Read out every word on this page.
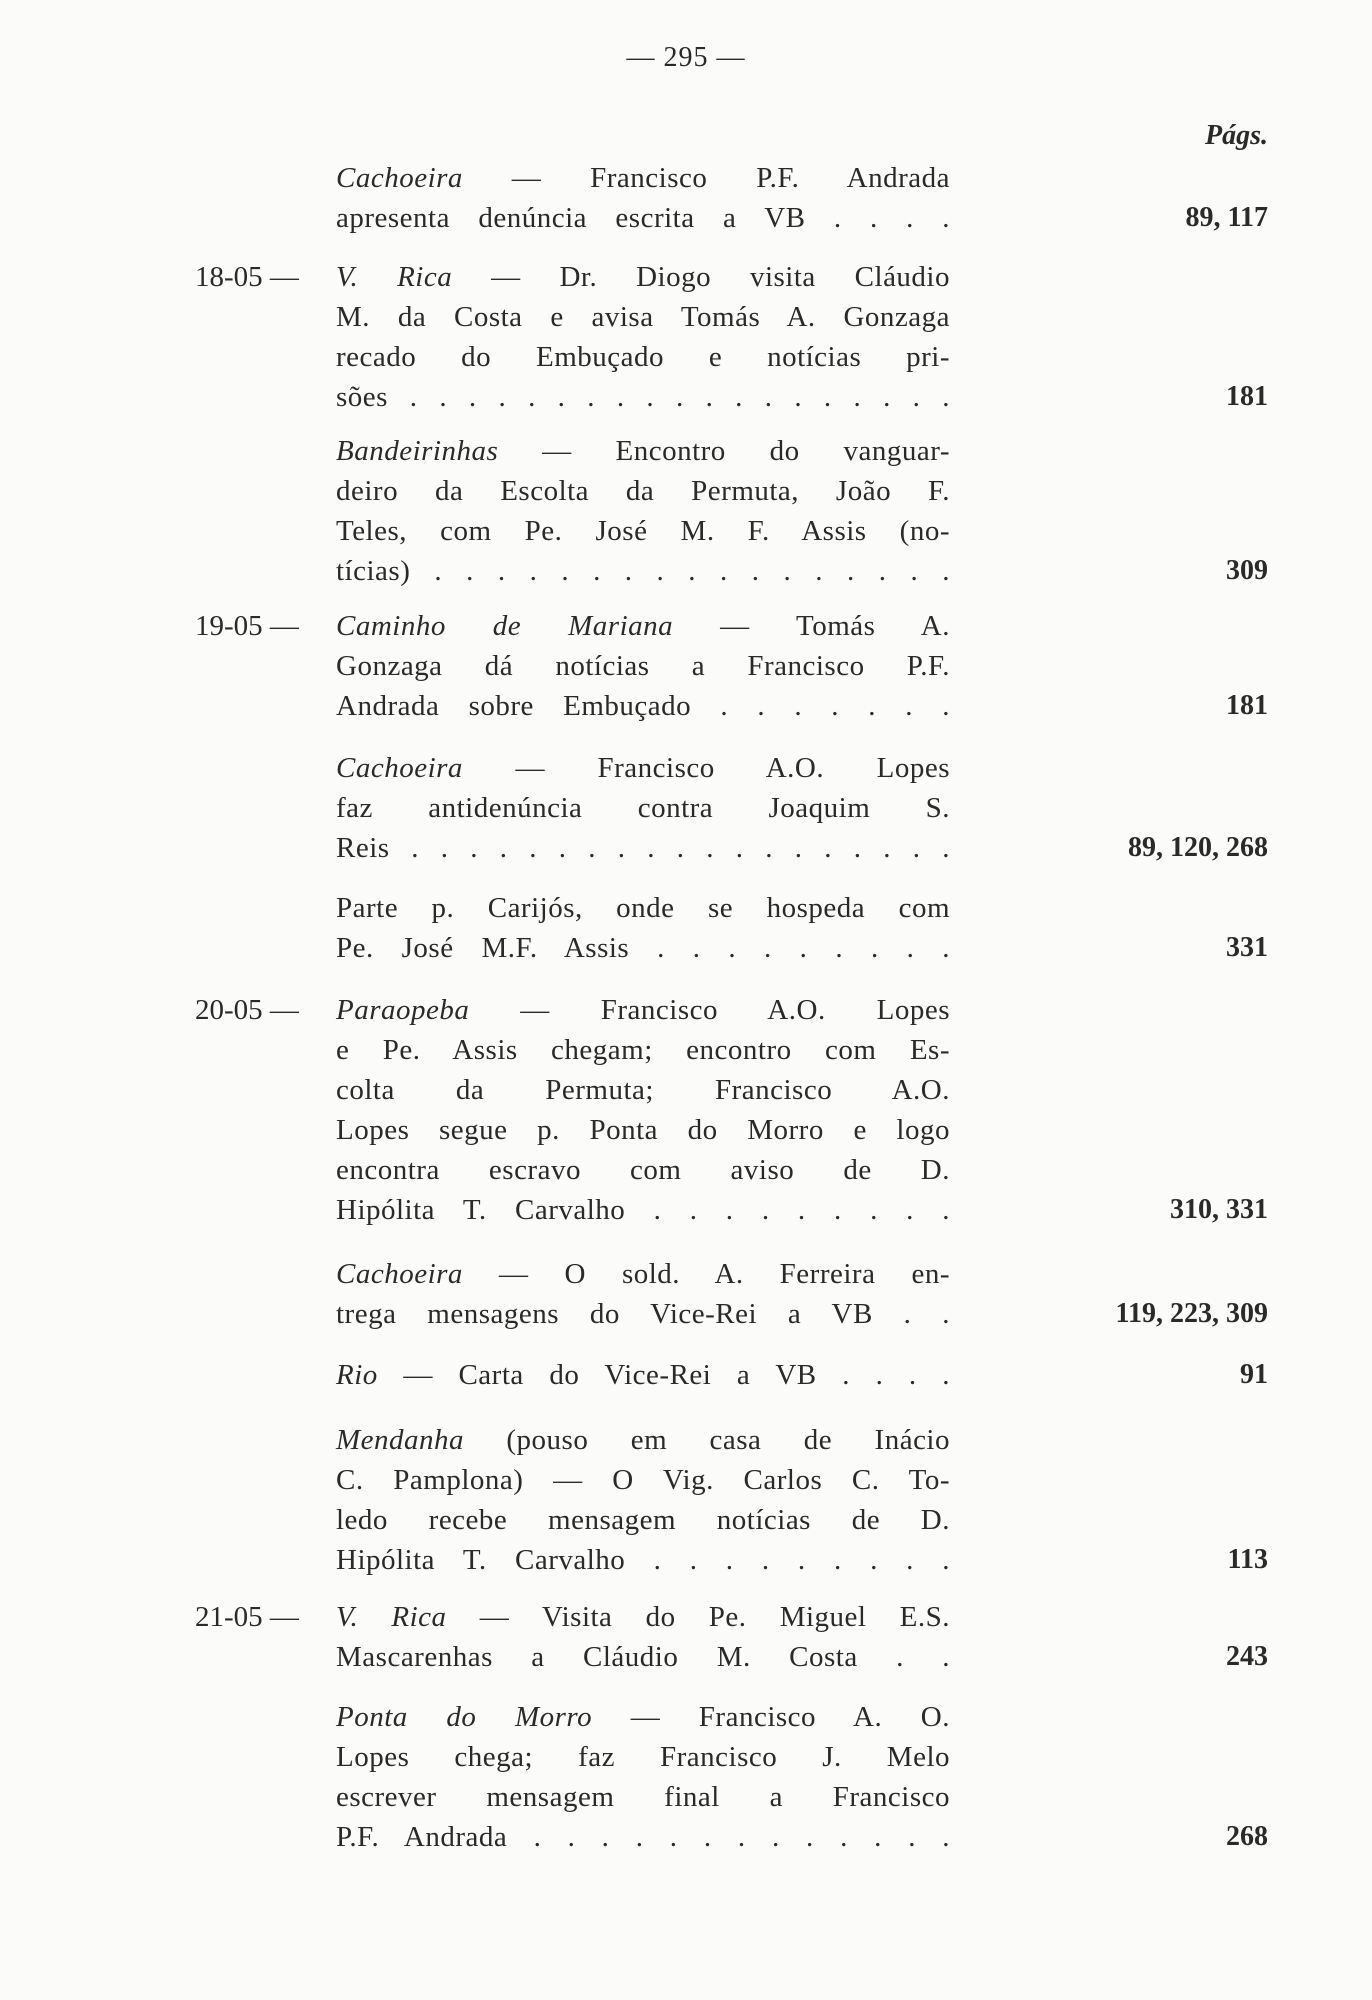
— 295 —
Págs.
Cachoeira — Francisco P.F. Andrada
apresenta denúncia escrita a VB . . . .	89, 117
18-05 — V. Rica — Dr. Diogo visita Cláudio
M. da Costa e avisa Tomás A. Gonzaga
recado do Embuçado e notícias pri-
sões . . . . . . . . . . . . . . . . . . .	181
Bandeirinhas — Encontro do vanguar-
deiro da Escolta da Permuta, João F.
Teles, com Pe. José M. F. Assis (no-
tícias) . . . . . . . . . . . . . . . . .	309
19-05 — Caminho de Mariana — Tomás A.
Gonzaga dá notícias a Francisco P.F.
Andrada sobre Embuçado . . . . . . .	181
Cachoeira — Francisco A.O. Lopes
faz antidenúncia contra Joaquim S.
Reis . . . . . . . . . . . . . . . . . . .	89, 120, 268
Parte p. Carijós, onde se hospeda com
Pe. José M.F. Assis . . . . . . . . .	331
20-05 — Paraopeba — Francisco A.O. Lopes
e Pe. Assis chegam; encontro com Es-
colta da Permuta; Francisco A.O.
Lopes segue p. Ponta do Morro e logo
encontra escravo com aviso de D.
Hipólita T. Carvalho . . . . . . . . .	310, 331
Cachoeira — O sold. A. Ferreira en-
trega mensagens do Vice-Rei a VB . .	119, 223, 309
Rio — Carta do Vice-Rei a VB . . . .	91
Mendanha (pouso em casa de Inácio
C. Pamplona) — O Vig. Carlos C. To-
ledo recebe mensagem notícias de D.
Hipólita T. Carvalho . . . . . . . . .	113
21-05 — V. Rica — Visita do Pe. Miguel E.S.
Mascarenhas a Cláudio M. Costa . .	243
Ponta do Morro — Francisco A. O.
Lopes chega; faz Francisco J. Melo
escrever mensagem final a Francisco
P.F. Andrada . . . . . . . . . . . . .	268
